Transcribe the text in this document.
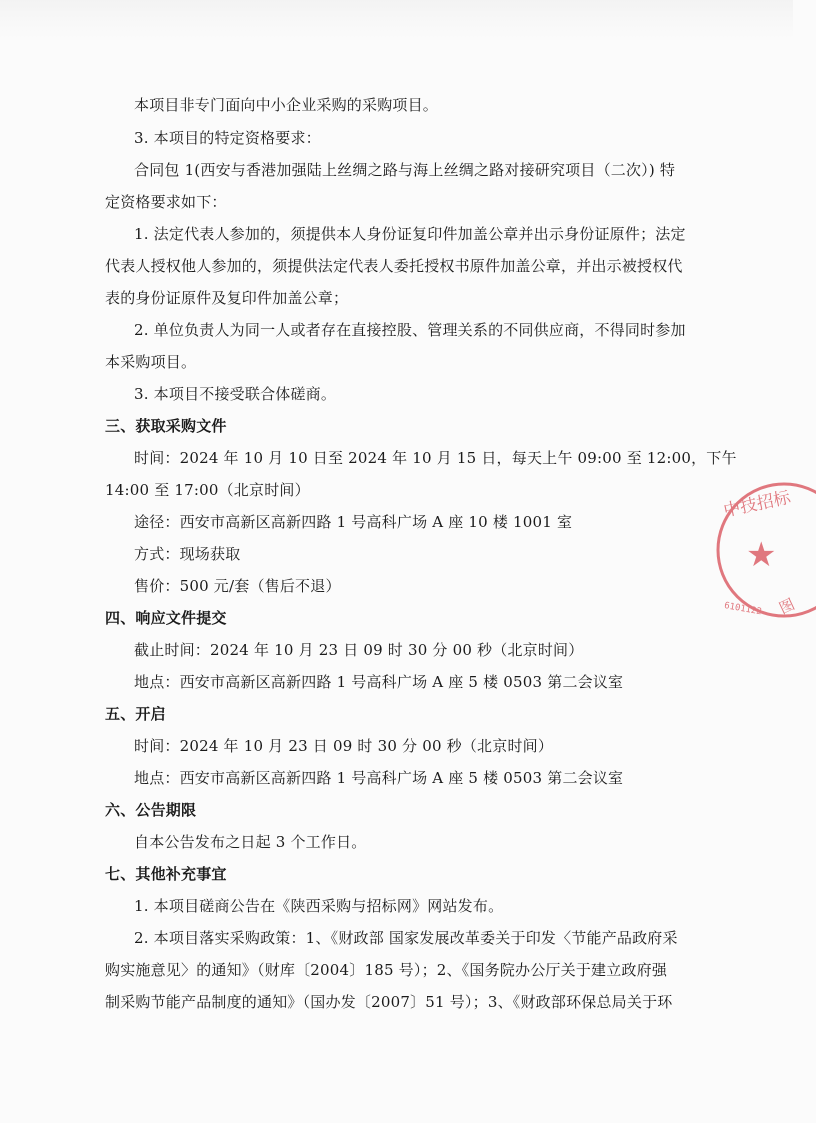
本项目非专门面向中小企业采购的采购项目。
3. 本项目的特定资格要求：
合同包 1(西安与香港加强陆上丝绸之路与海上丝绸之路对接研究项目（二次）) 特
定资格要求如下：
1. 法定代表人参加的，须提供本人身份证复印件加盖公章并出示身份证原件；法定
代表人授权他人参加的，须提供法定代表人委托授权书原件加盖公章，并出示被授权代
表的身份证原件及复印件加盖公章；
2. 单位负责人为同一人或者存在直接控股、管理关系的不同供应商，不得同时参加
本采购项目。
3. 本项目不接受联合体磋商。
三、获取采购文件
时间：2024 年 10 月 10 日至 2024 年 10 月 15 日，每天上午 09:00 至 12:00，下午
14:00 至 17:00（北京时间）
途径：西安市高新区高新四路 1 号高科广场 A 座 10 楼 1001 室
方式：现场获取
售价：500 元/套（售后不退）
四、响应文件提交
截止时间：2024 年 10 月 23 日 09 时 30 分 00 秒（北京时间）
地点：西安市高新区高新四路 1 号高科广场 A 座 5 楼 0503 第二会议室
五、开启
时间：2024 年 10 月 23 日 09 时 30 分 00 秒（北京时间）
地点：西安市高新区高新四路 1 号高科广场 A 座 5 楼 0503 第二会议室
六、公告期限
自本公告发布之日起 3 个工作日。
七、其他补充事宜
1. 本项目磋商公告在《陕西采购与招标网》网站发布。
2. 本项目落实采购政策：1、《财政部 国家发展改革委关于印发〈节能产品政府采
购实施意见〉的通知》（财库〔2004〕185 号）；2、《国务院办公厅关于建立政府强
制采购节能产品制度的通知》（国办发〔2007〕51 号）；3、《财政部环保总局关于环
中技招标
★
6101122 图
